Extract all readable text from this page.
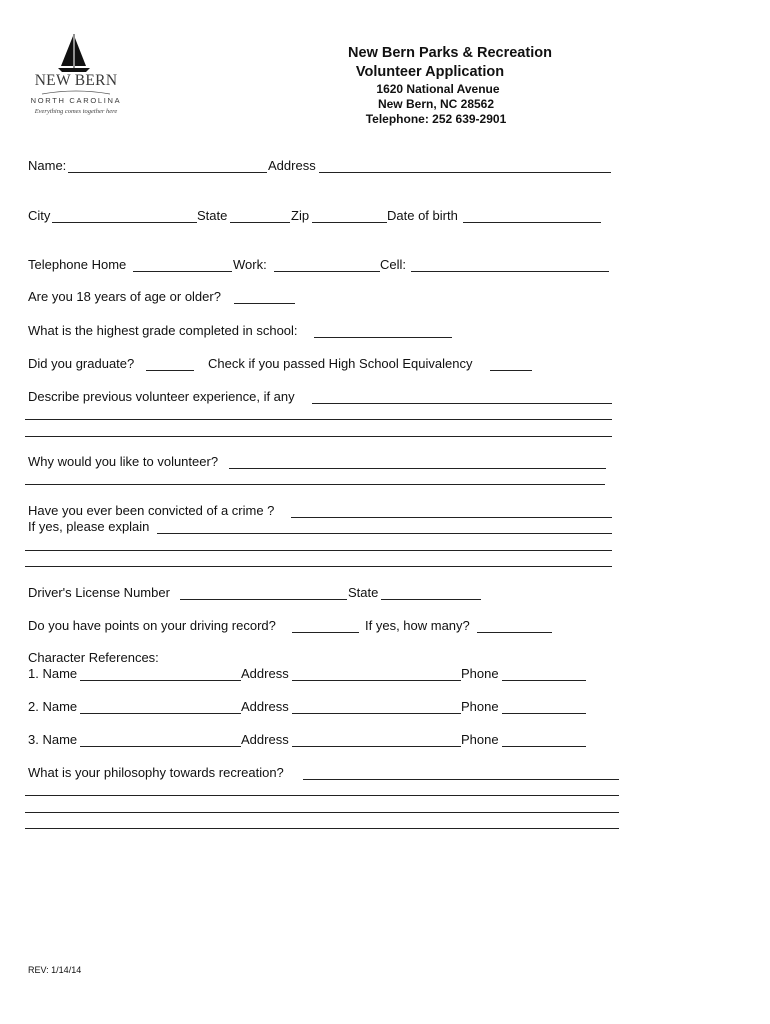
NEW BERN
NORTH CAROLINA
Everything comes together here
New Bern Parks & Recreation
Volunteer Application
1620 National Avenue
New Bern, NC 28562
Telephone: 252 639-2901
Name:	Address
City	State	Zip	Date of birth
Telephone Home	Work:	Cell:
Are you 18 years of age or older?
What is the highest grade completed in school:
Did you graduate?	Check if you passed High School Equivalency
Describe previous volunteer experience, if any
Why would you like to volunteer?
Have you ever been convicted of a crime ?
If yes, please explain
Driver's License Number	State
Do you have points on your driving record?	If yes, how many?
Character References:
1. Name	Address	Phone
2. Name	Address	Phone
3. Name	Address	Phone
What is your philosophy towards recreation?
REV: 1/14/14
